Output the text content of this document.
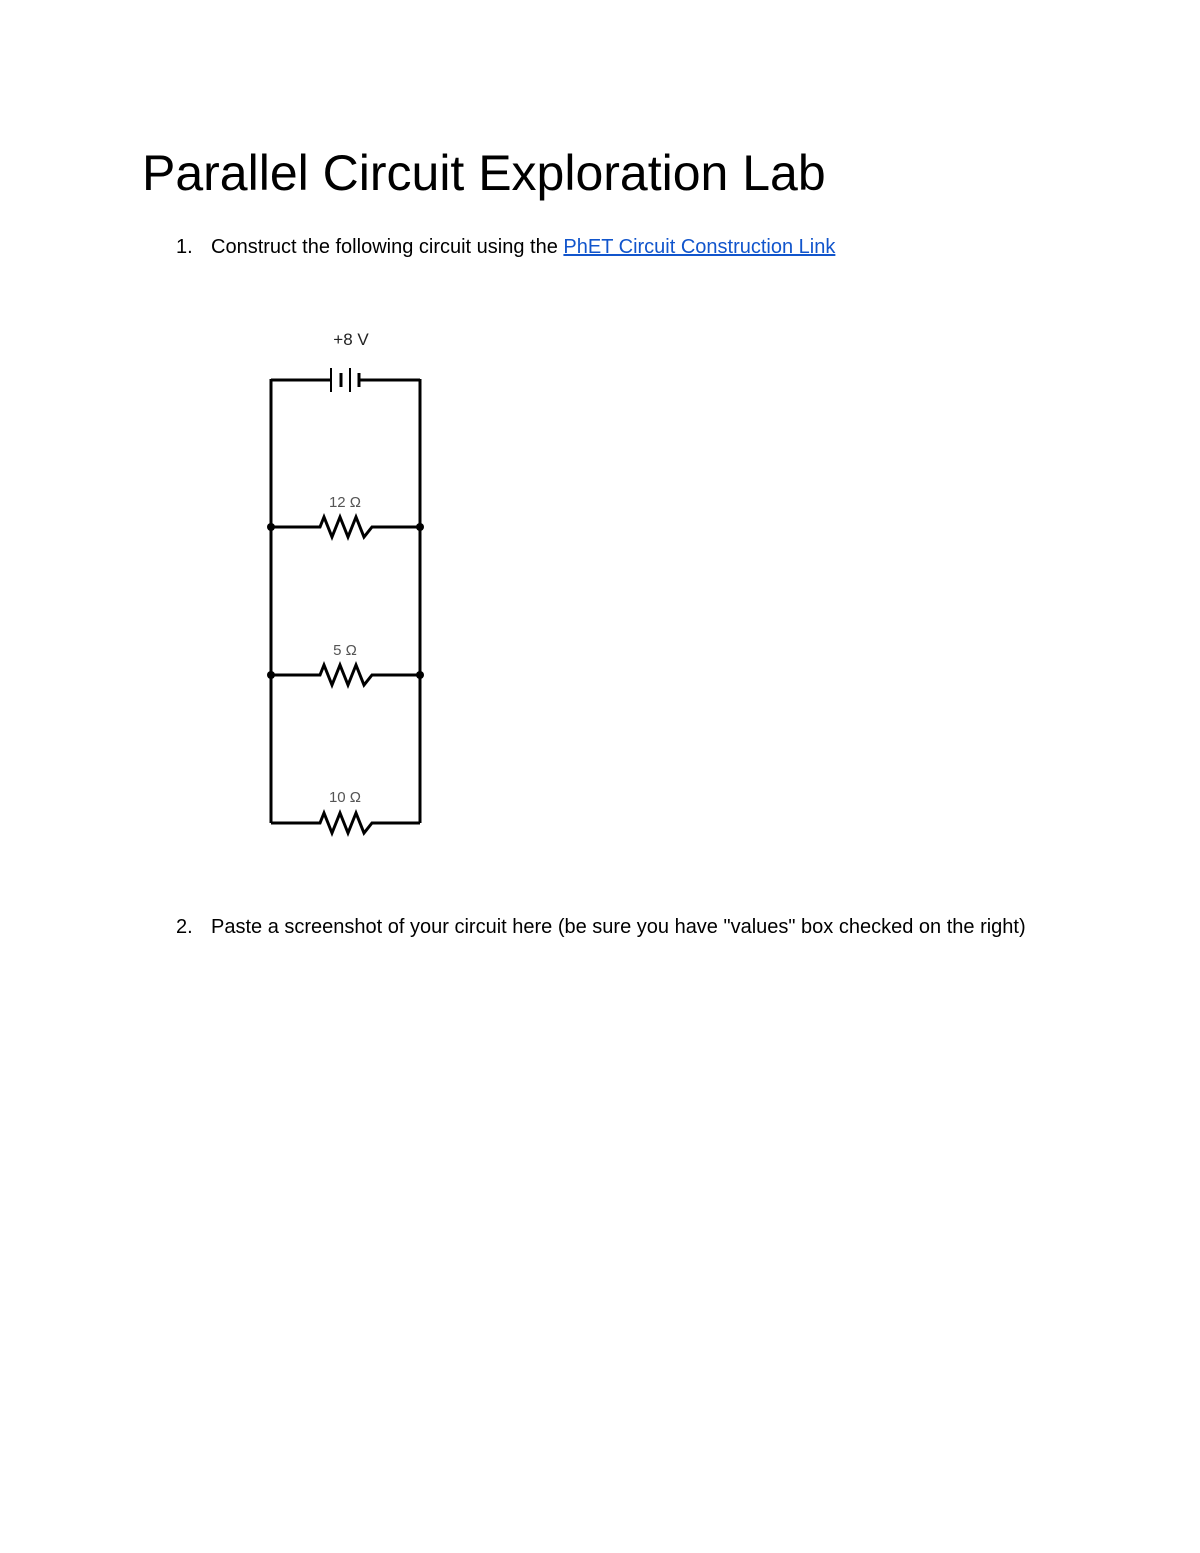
Parallel Circuit Exploration Lab
1. Construct the following circuit using the PhET Circuit Construction Link
+8 V
12 Ω
5 Ω
10 Ω
2. Paste a screenshot of your circuit here (be sure you have "values" box checked on the right)
